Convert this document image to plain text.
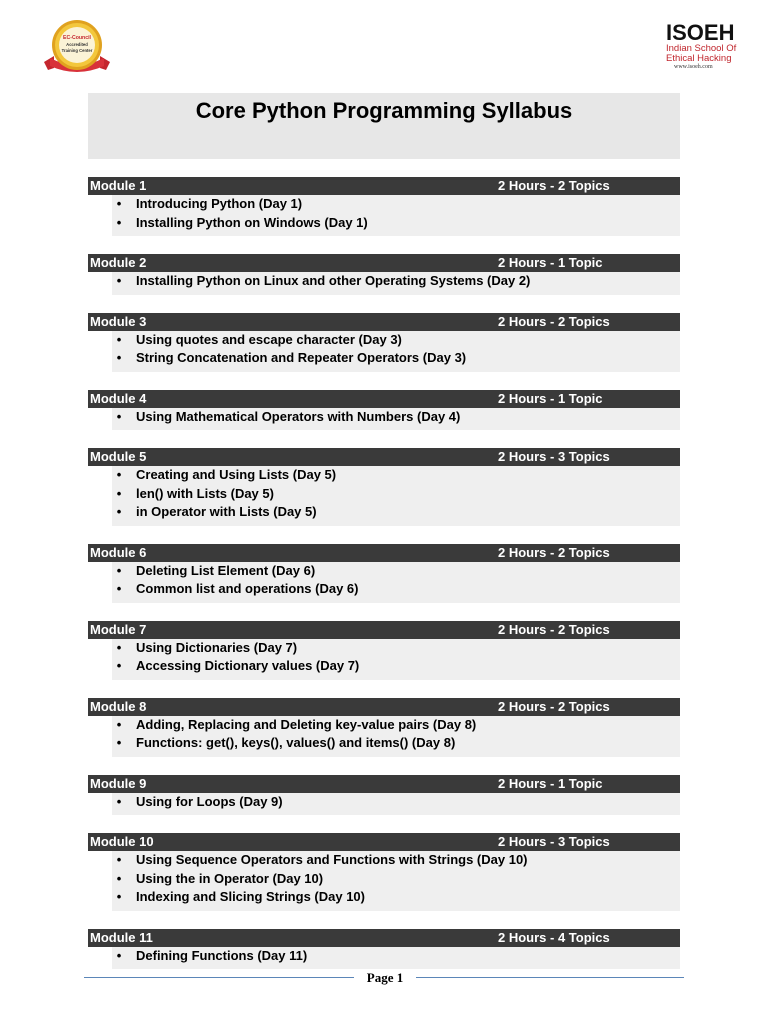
EC-Council
Accredited
Training Center
ISOEH
Indian School Of
Ethical Hacking
www.isoeh.com
Core Python Programming Syllabus
Module 1	2 Hours - 2 Topics
• Introducing Python (Day 1)
• Installing Python on Windows (Day 1)
Module 2	2 Hours - 1 Topic
• Installing Python on Linux and other Operating Systems (Day 2)
Module 3	2 Hours - 2 Topics
• Using quotes and escape character (Day 3)
• String Concatenation and Repeater Operators (Day 3)
Module 4	2 Hours - 1 Topic
• Using Mathematical Operators with Numbers (Day 4)
Module 5	2 Hours - 3 Topics
• Creating and Using Lists (Day 5)
• len() with Lists (Day 5)
• in Operator with Lists (Day 5)
Module 6	2 Hours - 2 Topics
• Deleting List Element (Day 6)
• Common list and operations (Day 6)
Module 7	2 Hours - 2 Topics
• Using Dictionaries (Day 7)
• Accessing Dictionary values (Day 7)
Module 8	2 Hours - 2 Topics
• Adding, Replacing and Deleting key-value pairs (Day 8)
• Functions: get(), keys(), values() and items() (Day 8)
Module 9	2 Hours - 1 Topic
• Using for Loops (Day 9)
Module 10	2 Hours - 3 Topics
• Using Sequence Operators and Functions with Strings (Day 10)
• Using the in Operator (Day 10)
• Indexing and Slicing Strings (Day 10)
Module 11	2 Hours - 4 Topics
• Defining Functions (Day 11)
Page 1
